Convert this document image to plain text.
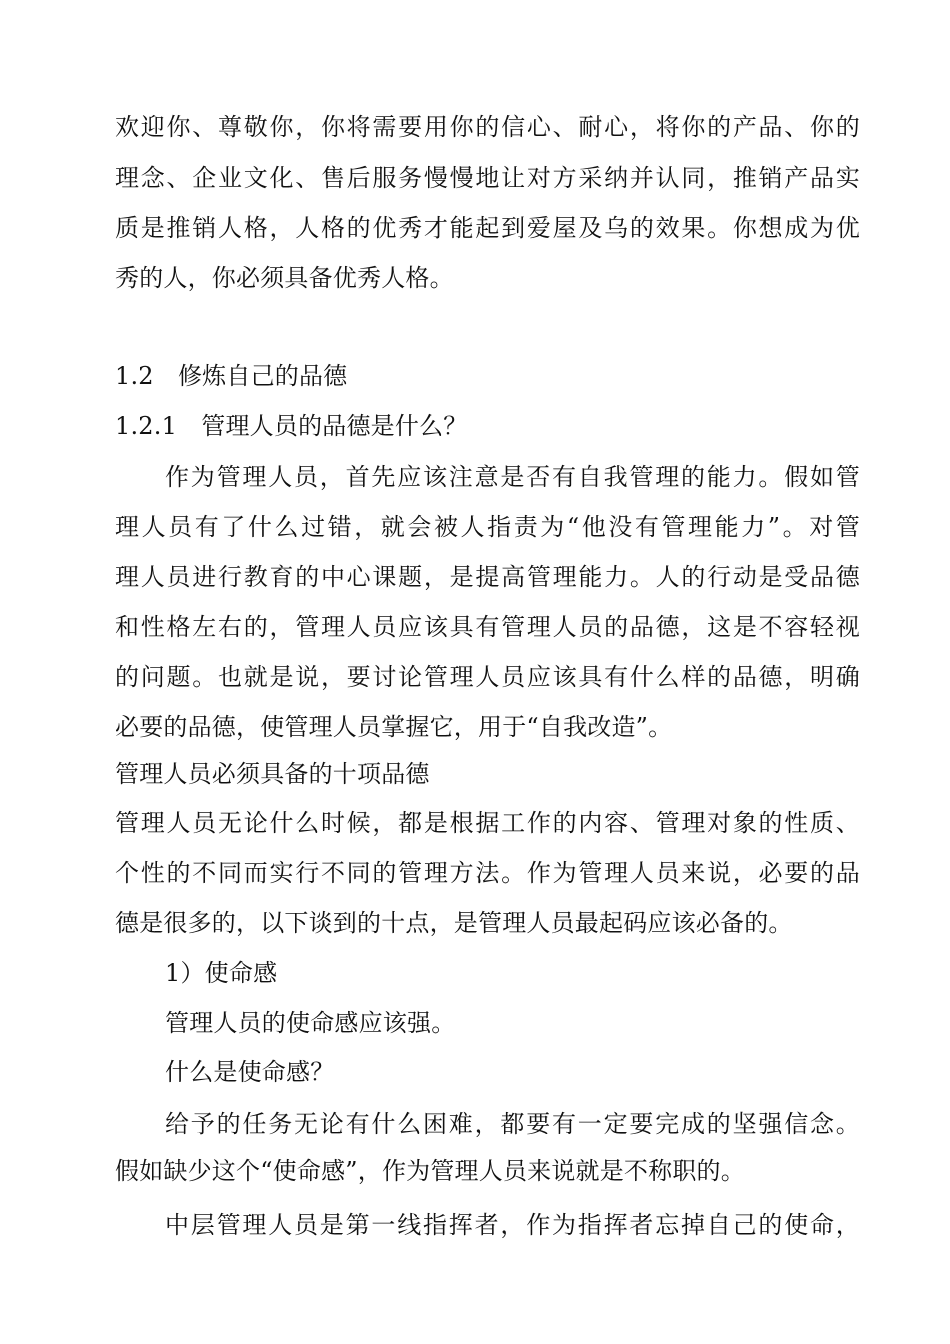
欢迎你、尊敬你，你将需要用你的信心、耐心，将你的产品、你的
理念、企业文化、售后服务慢慢地让对方采纳并认同，推销产品实
质是推销人格，人格的优秀才能起到爱屋及乌的效果。你想成为优
秀的人，你必须具备优秀人格。
1.2　修炼自己的品德
1.2.1　管理人员的品德是什么？
作为管理人员，首先应该注意是否有自我管理的能力。假如管
理人员有了什么过错，就会被人指责为“他没有管理能力”。对管
理人员进行教育的中心课题，是提高管理能力。人的行动是受品德
和性格左右的，管理人员应该具有管理人员的品德，这是不容轻视
的问题。也就是说，要讨论管理人员应该具有什么样的品德，明确
必要的品德，使管理人员掌握它，用于“自我改造”。
管理人员必须具备的十项品德
管理人员无论什么时候，都是根据工作的内容、管理对象的性质、
个性的不同而实行不同的管理方法。作为管理人员来说，必要的品
德是很多的，以下谈到的十点，是管理人员最起码应该必备的。
1）使命感
管理人员的使命感应该强。
什么是使命感？
给予的任务无论有什么困难，都要有一定要完成的坚强信念。
假如缺少这个“使命感”，作为管理人员来说就是不称职的。
中层管理人员是第一线指挥者，作为指挥者忘掉自己的使命，
